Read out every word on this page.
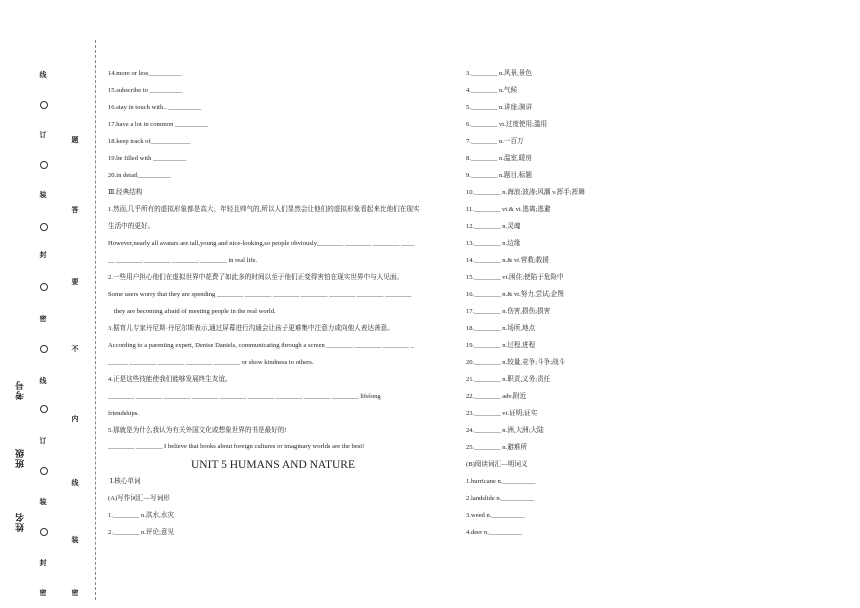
线
订
装
封
密
线
订
装
封
密
题
答
要
不
内
线
装
密
考号
班级
姓名
14.more or less__________
15.subscribe to __________
16.stay in touch with.. __________
17.have a lot in common __________
18.keep track of____________
19.be filled with __________
20.in detail__________
Ⅲ.经典结构
1.然而,几乎所有的虚拟形象都是高大、年轻且帅气的,所以人们显然会让他们的虚拟形象看起来比他们在现实
生活中的更好。
However,nearly all avatars are tall,young and nice-looking,so people obviously________ ________ ________ ____
__ ________ ________ ________ ________ in real life.
2.一些用户担心他们在虚拟世界中花费了如此多的时间以至于他们正变得害怕在现实世界中与人见面。
Some users worry that they are spending ________ ________ ________ ________ ________ ________ ________
they are becoming afraid of meeting people in the real world.
3.据育儿专家丹尼斯·丹尼尔斯表示,通过屏幕进行沟通会让孩子更难集中注意力或向他人表达善意。
According to a parenting expert, Denise Daniels, communicating through a screen ________ ________ ________ _
______ ________ ________ ________ ________ or show kindness to others.
4.正是这些技能使我们能够发展终生友谊。
________ ________ ________ ________ ________ ________ ________ ________ ________ lifelong
friendships.
5.那就是为什么我认为有关外国文化或想象世界的书是最好的!
________ ________ I believe that books about foreign cultures or imaginary worlds are the best!
UNIT 5 HUMANS AND NATURE
Ⅰ.核心单词
(A)写作词汇—写词形
1.________ n.洪水,水灾
2.________ n.评论;意见
3.________ n.风景,景色
4.________ n.气候
5.________ n.讲座;演讲
6.________ vt.过度使用;滥用
7.________ n.一百万
8.________ n.温室,暖房
9.________ n.题目,标题
10.________ n.海浪;波涛;风潮 v.挥手;挥舞
11.________ vt.& vi.逃离;逃避
12.________ n.灵魂
13.________ n.边缘
14.________ n.& vt.营救;救援
15.________ vt.困住;使陷于危险中
16.________ n.& vt.努力,尝试;企图
17.________ n.伤害,损伤;损害
18.________ n.场所,地点
19.________ n.过程,进程
20.________ n.较量,竞争;斗争;战斗
21.________ n.职责,义务;责任
22.________ adv.附近
23.________ vt.证明;证实
24.________ n.洲,大洲;大陆
25.________ n.避难所
(B)阅读词汇—明词义
1.hurricane n.__________
2.landslide n.__________
3.weed n.__________
4.deer n.__________
